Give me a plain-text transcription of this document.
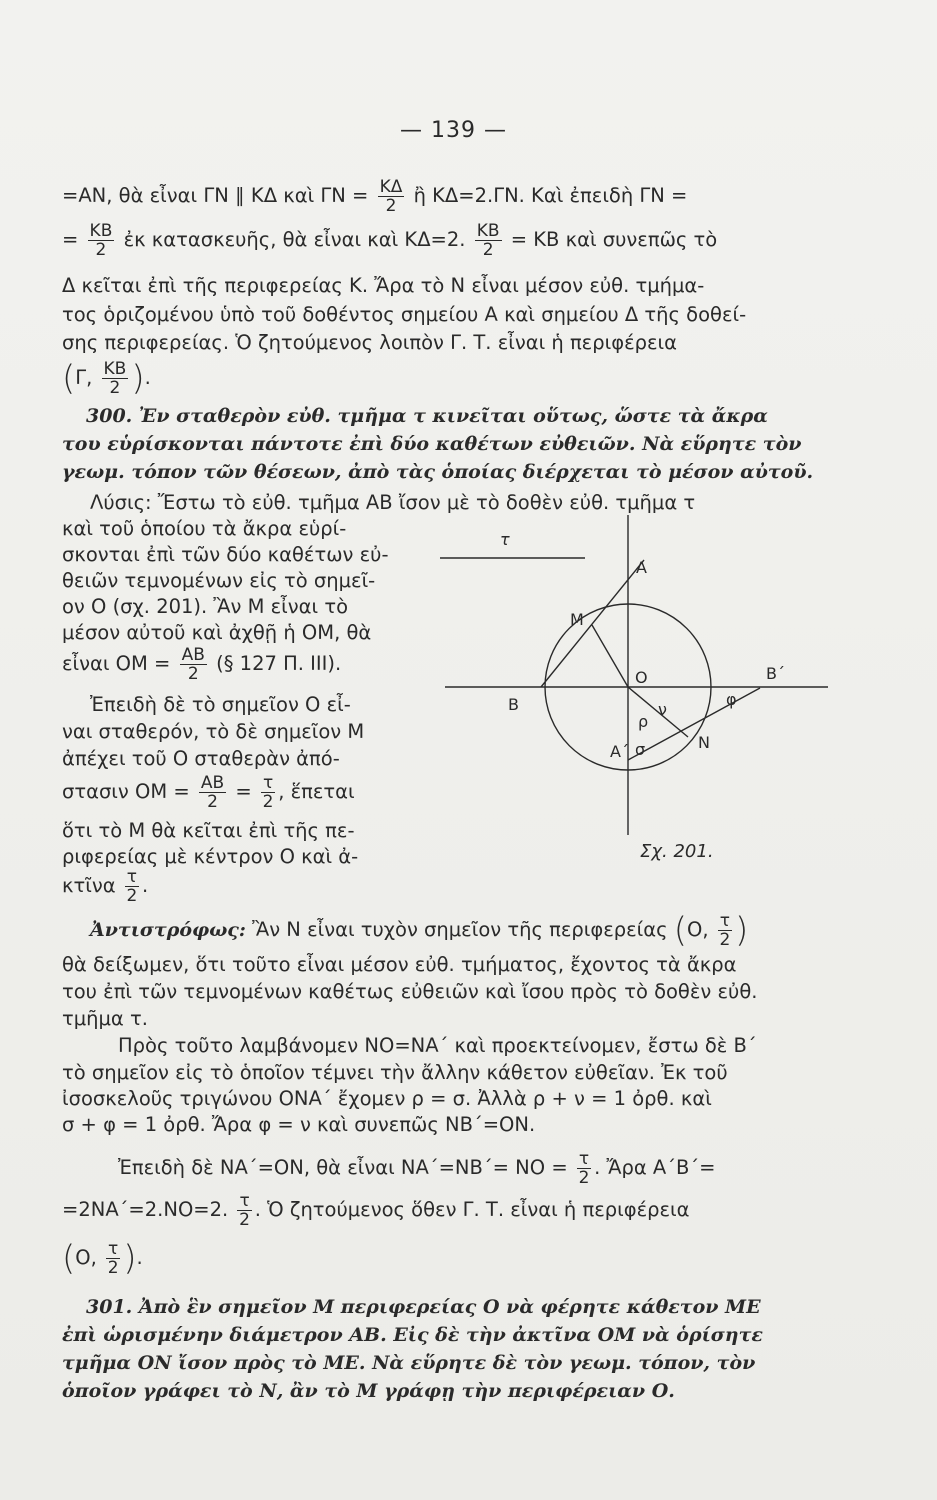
— 139 —
=ΑΝ, θὰ εἶναι ΓΝ ∥ ΚΔ καὶ $\Gamma N = \frac{K\Delta}{2}$ ἢ ΚΔ=2.ΓΝ. Καὶ ἐπειδὴ ΓΝ =
= $\frac{KB}{2}$ ἐκ κατασκευῆς, θὰ εἶναι καὶ ΚΔ=2. $\frac{KB}{2} = KB$ καὶ συνεπῶς τὸ
Δ κεῖται ἐπὶ τῆς περιφερείας Κ. Ἄρα τὸ Ν εἶναι μέσον εὐθ. τμήμα-
τος ὁριζομένου ὑπὸ τοῦ δοθέντος σημείου Α καὶ σημείου Δ τῆς δοθεί-
σης περιφερείας. Ὁ ζητούμενος λοιπὸν Γ. Τ. εἶναι ἡ περιφέρεια
(Γ, $\frac{KB}{2}$ ).
300. Ἐν σταθερὸν εὐθ. τμῆμα τ κινεῖται οὕτως, ὥστε τὰ ἄκρα
του εὑρίσκονται πάντοτε ἐπὶ δύο καθέτων εὐθειῶν. Νὰ εὕρητε τὸν
γεωμ. τόπον τῶν θέσεων, ἀπὸ τὰς ὁποίας διέρχεται τὸ μέσον αὐτοῦ.
Λύσις: Ἔστω τὸ εὐθ. τμῆμα ΑΒ ἴσον μὲ τὸ δοθὲν εὐθ. τμῆμα τ
καὶ τοῦ ὁποίου τὰ ἄκρα εὑρί-
σκονται ἐπὶ τῶν δύο καθέτων εὐ-
θειῶν τεμνομένων εἰς τὸ σημεῖ-
ον Ο (σχ. 201). Ἂν Μ εἶναι τὸ
μέσον αὐτοῦ καὶ ἀχθῇ ἡ ΟΜ, θὰ
εἶναι $OM = \frac{AB}{2}$ (§ 127 Π. ΙΙΙ).
Ἐπειδὴ δὲ τὸ σημεῖον Ο εἶ-
ναι σταθερόν, τὸ δὲ σημεῖον Μ
ἀπέχει τοῦ Ο σταθερὰν ἀπό-
στασιν $OM = \frac{AB}{2} = \frac{\tau}{2}$ , ἕπεται
ὅτι τὸ Μ θὰ κεῖται ἐπὶ τῆς πε-
ριφερείας μὲ κέντρον Ο καὶ ἀ-
κτῖνα $\frac{\tau}{2}$ .
τ
Α
Μ
Ο
ν
Β
Β΄
φ
ρ
σ
Α΄	Ν
Σχ. 201.
Ἀντιστρόφως: Ἂν Ν εἶναι τυχὸν σημεῖον τῆς περιφερείας (Ο, $\frac{\tau}{2}$ )
θὰ δείξωμεν, ὅτι τοῦτο εἶναι μέσον εὐθ. τμήματος, ἔχοντος τὰ ἄκρα
του ἐπὶ τῶν τεμνομένων καθέτως εὐθειῶν καὶ ἴσου πρὸς τὸ δοθὲν εὐθ.
τμῆμα τ.
Πρὸς τοῦτο λαμβάνομεν ΝΟ=ΝΑ΄ καὶ προεκτείνομεν, ἔστω δὲ Β΄
τὸ σημεῖον εἰς τὸ ὁποῖον τέμνει τὴν ἄλλην κάθετον εὐθεῖαν. Ἐκ τοῦ
ἰσοσκελοῦς τριγώνου ΟΝΑ΄ ἔχομεν ρ = σ. Ἀλλὰ ρ + ν = 1 ὀρθ. καὶ
σ + φ = 1 ὀρθ. Ἄρα φ = ν καὶ συνεπῶς ΝΒ΄=ΟΝ.
Ἐπειδὴ δὲ ΝΑ΄=ΟΝ, θὰ εἶναι $NA΄=NB΄= NO = \frac{\tau}{2}$ . Ἄρα Α΄Β΄=
=2ΝΑ΄=2.ΝΟ=2. $\frac{\tau}{2}$ . Ὁ ζητούμενος ὅθεν Γ. Τ. εἶναι ἡ περιφέρεια
(Ο, $\frac{\tau}{2}$ ).
301. Ἀπὸ ἓν σημεῖον Μ περιφερείας Ο νὰ φέρητε κάθετον ΜΕ
ἐπὶ ὡρισμένην διάμετρον ΑΒ. Εἰς δὲ τὴν ἀκτῖνα ΟΜ νὰ ὁρίσητε
τμῆμα ΟΝ ἴσον πρὸς τὸ ΜΕ. Νὰ εὕρητε δὲ τὸν γεωμ. τόπον, τὸν
ὁποῖον γράφει τὸ Ν, ἂν τὸ Μ γράφῃ τὴν περιφέρειαν Ο.
